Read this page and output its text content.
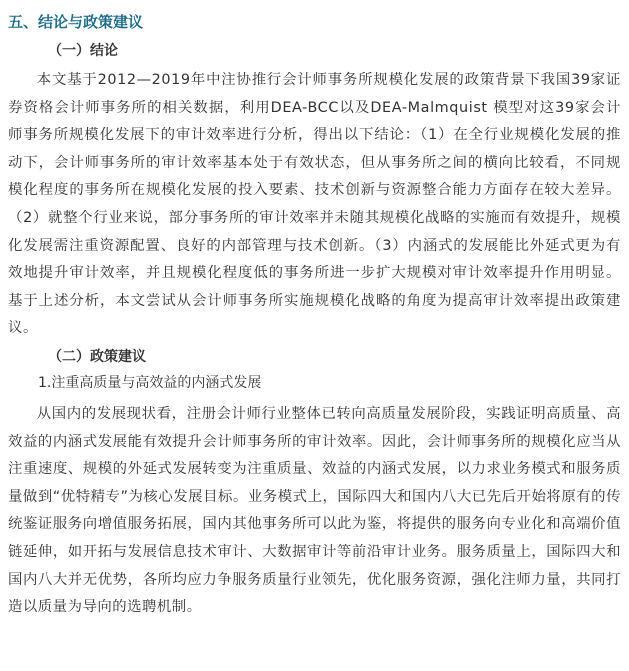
五、结论与政策建议
（一）结论

本文基于2012—2019年中注协推行会计师事务所规模化发展的政策背景下我国39家证券资格会计师事务所的相关数据，利用DEA-BCC以及DEA-Malmquist 模型对这39家会计师事务所规模化发展下的审计效率进行分析，得出以下结论：（1）在全行业规模化发展的推动下，会计师事务所的审计效率基本处于有效状态，但从事务所之间的横向比较看，不同规模化程度的事务所在规模化发展的投入要素、技术创新与资源整合能力方面存在较大差异。（2）就整个行业来说，部分事务所的审计效率并未随其规模化战略的实施而有效提升，规模化发展需注重资源配置、良好的内部管理与技术创新。（3）内涵式的发展能比外延式更为有效地提升审计效率，并且规模化程度低的事务所进一步扩大规模对审计效率提升作用明显。基于上述分析，本文尝试从会计师事务所实施规模化战略的角度为提高审计效率提出政策建议。

（二）政策建议
1.注重高质量与高效益的内涵式发展

从国内的发展现状看，注册会计师行业整体已转向高质量发展阶段，实践证明高质量、高效益的内涵式发展能有效提升会计师事务所的审计效率。因此，会计师事务所的规模化应当从注重速度、规模的外延式发展转变为注重质量、效益的内涵式发展，以力求业务模式和服务质量做到“优特精专”为核心发展目标。业务模式上，国际四大和国内八大已先后开始将原有的传统鉴证服务向增值服务拓展，国内其他事务所可以此为鉴，将提供的服务向专业化和高端价值链延伸，如开拓与发展信息技术审计、大数据审计等前沿审计业务。服务质量上，国际四大和国内八大并无优势，各所均应力争服务质量行业领先，优化服务资源，强化注师力量，共同打造以质量为导向的选聘机制。
